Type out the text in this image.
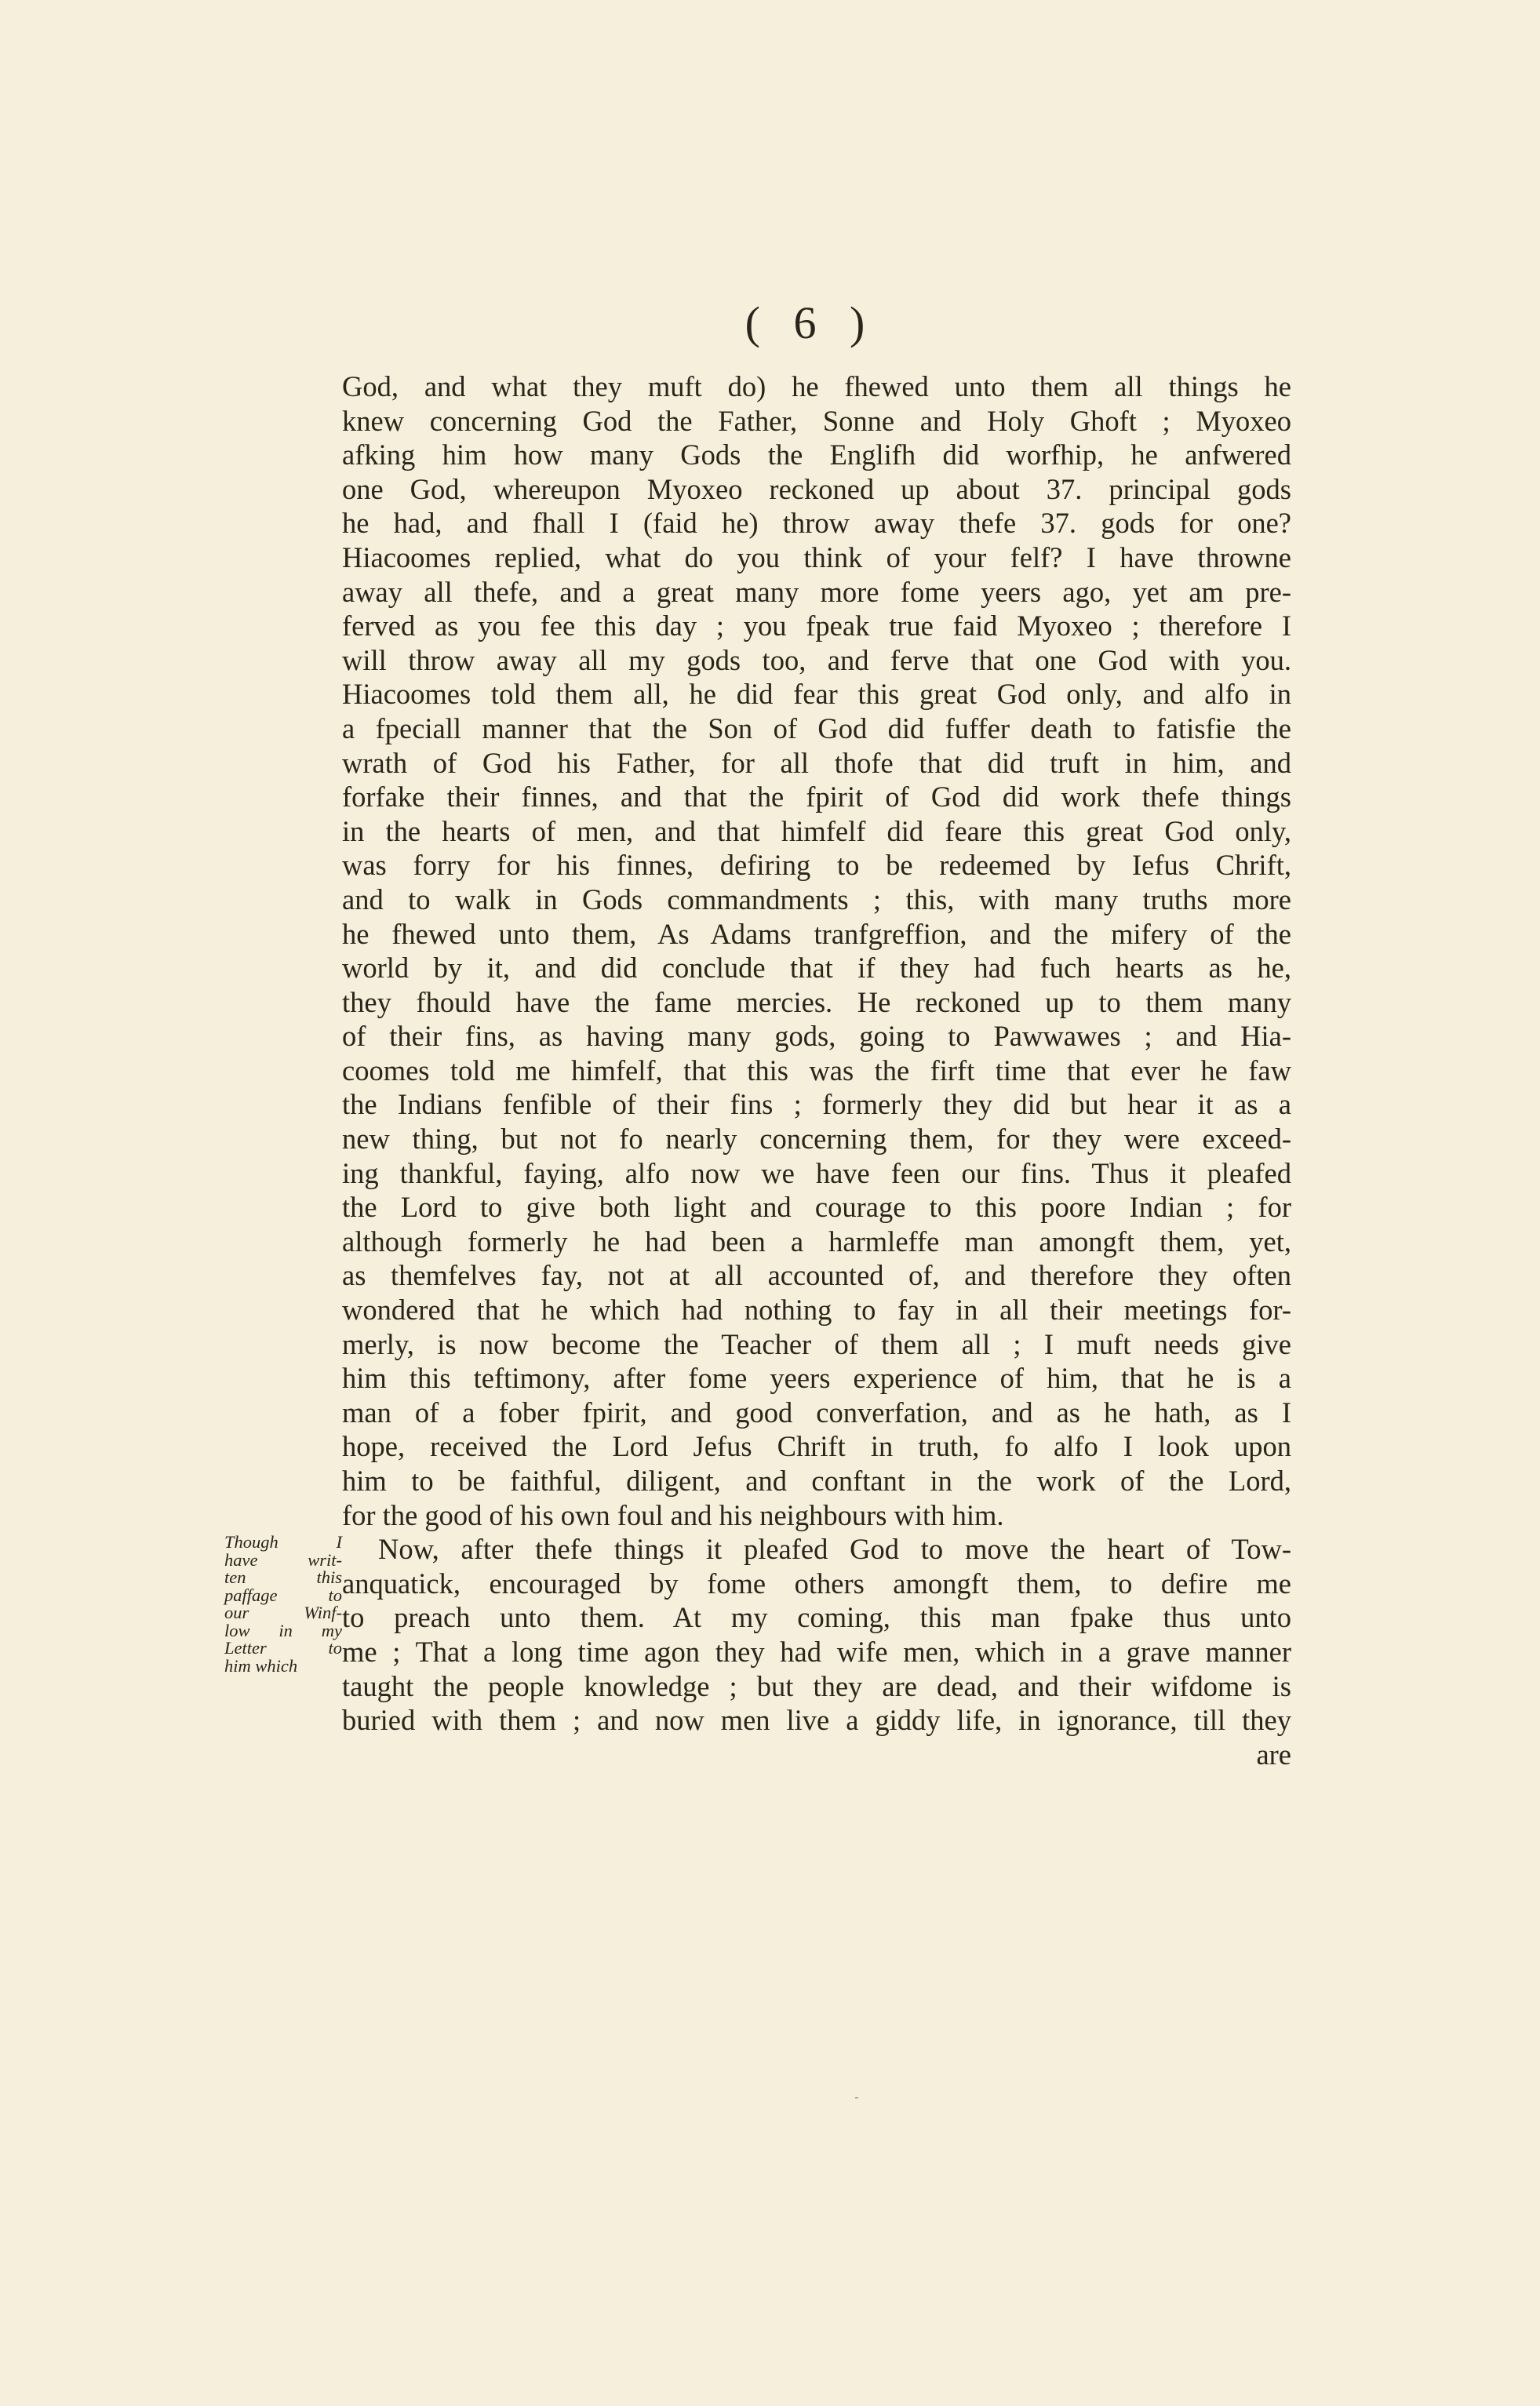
( 6 )
God, and what they muft do) he fhewed unto them all things he
knew concerning God the Father, Sonne and Holy Ghoft ; Myoxeo
afking him how many Gods the Englifh did worfhip, he anfwered
one God, whereupon Myoxeo reckoned up about 37. principal gods
he had, and fhall I (faid he) throw away thefe 37. gods for one?
Hiacoomes replied, what do you think of your felf? I have throwne
away all thefe, and a great many more fome yeers ago, yet am pre-
ferved as you fee this day ; you fpeak true faid Myoxeo ; therefore I
will throw away all my gods too, and ferve that one God with you.
Hiacoomes told them all, he did fear this great God only, and alfo in
a fpeciall manner that the Son of God did fuffer death to fatisfie the
wrath of God his Father, for all thofe that did truft in him, and
forfake their finnes, and that the fpirit of God did work thefe things
in the hearts of men, and that himfelf did feare this great God only,
was forry for his finnes, defiring to be redeemed by Iefus Chrift,
and to walk in Gods commandments ; this, with many truths more
he fhewed unto them, As Adams tranfgreffion, and the mifery of the
world by it, and did conclude that if they had fuch hearts as he,
they fhould have the fame mercies. He reckoned up to them many
of their fins, as having many gods, going to Pawwawes ; and Hia-
coomes told me himfelf, that this was the firft time that ever he faw
the Indians fenfible of their fins ; formerly they did but hear it as a
new thing, but not fo nearly concerning them, for they were exceed-
ing thankful, faying, alfo now we have feen our fins. Thus it pleafed
the Lord to give both light and courage to this poore Indian ; for
although formerly he had been a harmleffe man amongft them, yet,
as themfelves fay, not at all accounted of, and therefore they often
wondered that he which had nothing to fay in all their meetings for-
merly, is now become the Teacher of them all ; I muft needs give
him this teftimony, after fome yeers experience of him, that he is a
man of a fober fpirit, and good converfation, and as he hath, as I
hope, received the Lord Jefus Chrift in truth, fo alfo I look upon
him to be faithful, diligent, and conftant in the work of the Lord,
for the good of his own foul and his neighbours with him.
Now, after thefe things it pleafed God to move the heart of Tow-
anquatick, encouraged by fome others amongft them, to defire me
to preach unto them. At my coming, this man fpake thus unto
me ; That a long time agon they had wife men, which in a grave manner
taught the people knowledge ; but they are dead, and their wifdome is
buried with them ; and now men live a giddy life, in ignorance, till they
are
Though I
have writ-
ten this
paffage to
our Winf-
low in my
Letter to
him which
